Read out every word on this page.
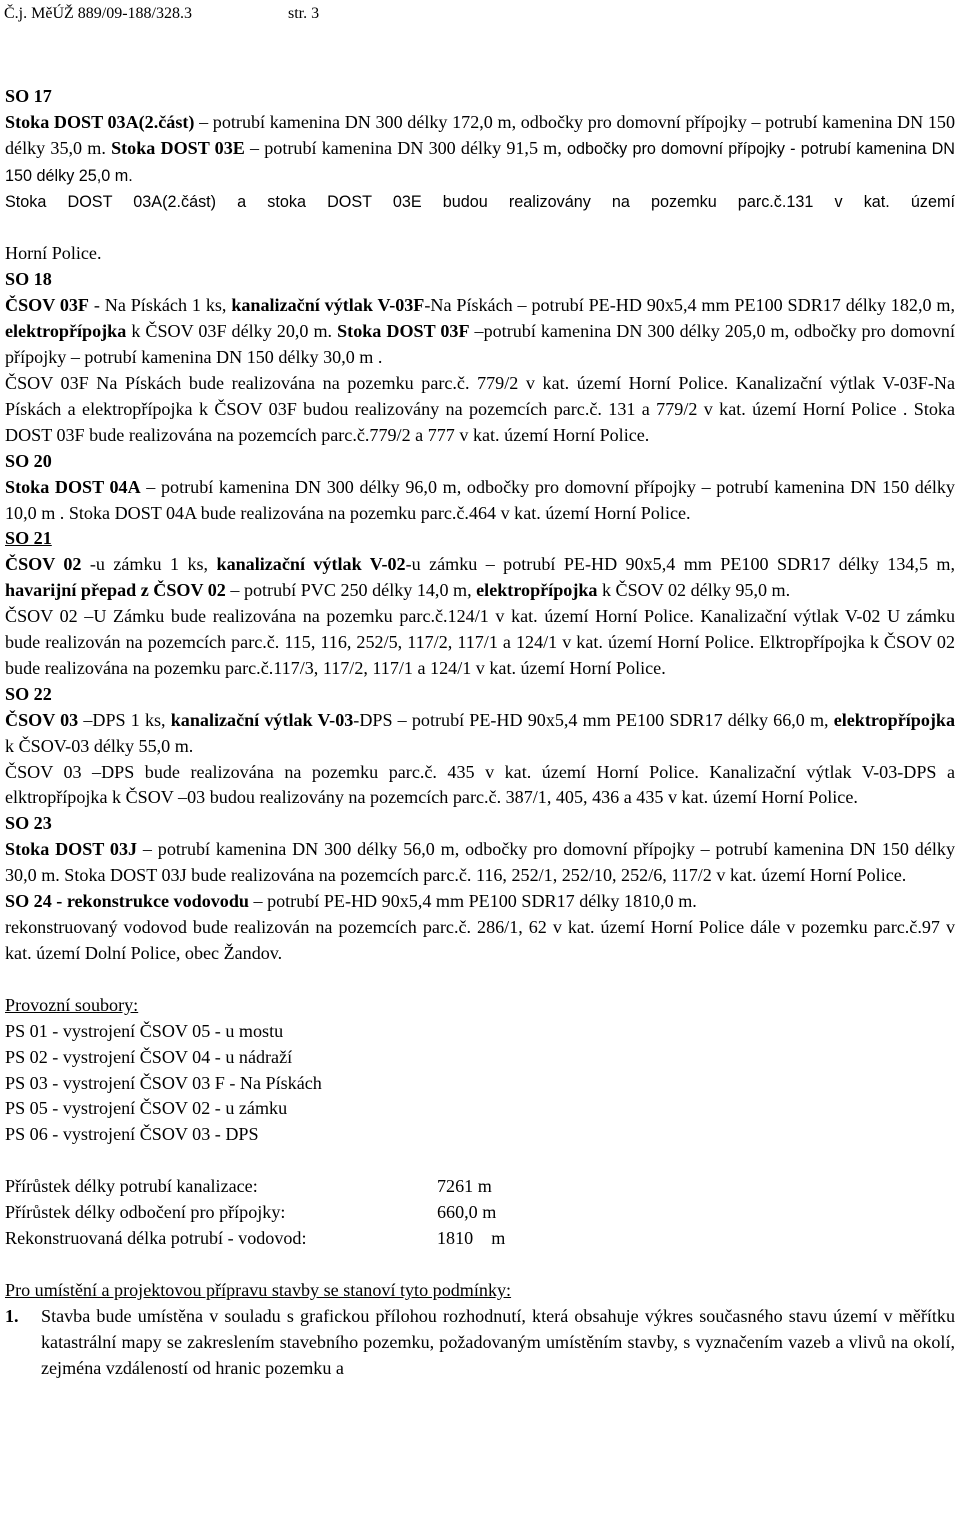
Č.j. MěÚŽ 889/09-188/328.3	str. 3
SO 17

Stoka DOST 03A(2.část) – potrubí kamenina DN 300 délky 172,0 m, odbočky pro domovní přípojky – potrubí kamenina DN 150 délky 35,0 m. Stoka DOST 03E – potrubí kamenina DN 300 délky 91,5 m, odbočky pro domovní přípojky - potrubí kamenina DN 150 délky 25,0 m.

Stoka DOST 03A(2.část) a stoka DOST 03E budou realizovány na pozemku parc.č.131 v kat. území

Horní Police.

SO 18

ČSOV 03F - Na Pískách 1 ks, kanalizační výtlak V-03F-Na Pískách – potrubí PE-HD 90x5,4 mm PE100 SDR17 délky 182,0 m, elektropřípojka k ČSOV 03F délky 20,0 m. Stoka DOST 03F –potrubí kamenina DN 300 délky 205,0 m, odbočky pro domovní přípojky – potrubí kamenina DN 150 délky 30,0 m .

ČSOV 03F Na Pískách bude realizována na pozemku parc.č. 779/2 v kat. území Horní Police. Kanalizační výtlak V-03F-Na Pískách a elektropřípojka k ČSOV 03F budou realizovány na pozemcích parc.č. 131 a 779/2 v kat. území Horní Police . Stoka DOST 03F bude realizována na pozemcích parc.č.779/2 a 777 v kat. území Horní Police.

SO 20

Stoka DOST 04A – potrubí kamenina DN 300 délky 96,0 m, odbočky pro domovní přípojky – potrubí kamenina DN 150 délky 10,0 m . Stoka DOST 04A bude realizována na pozemku parc.č.464 v kat. území Horní Police.

SO 21

ČSOV 02 -u zámku 1 ks, kanalizační výtlak V-02-u zámku – potrubí PE-HD 90x5,4 mm PE100 SDR17 délky 134,5 m, havarijní přepad z ČSOV 02 – potrubí PVC 250 délky 14,0 m, elektropřípojka k ČSOV 02 délky 95,0 m.

ČSOV 02 –U Zámku bude realizována na pozemku parc.č.124/1 v kat. území Horní Police. Kanalizační výtlak V-02 U zámku bude realizován na pozemcích parc.č. 115, 116, 252/5, 117/2, 117/1 a 124/1 v kat. území Horní Police. Elktropřípojka k ČSOV 02 bude realizována na pozemku parc.č.117/3, 117/2, 117/1 a 124/1 v kat. území Horní Police.

SO 22

ČSOV 03 –DPS 1 ks, kanalizační výtlak V-03-DPS – potrubí PE-HD 90x5,4 mm PE100 SDR17 délky 66,0 m, elektropřípojka k ČSOV-03 délky 55,0 m.

ČSOV 03 –DPS bude realizována na pozemku parc.č. 435 v kat. území Horní Police. Kanalizační výtlak V-03-DPS a elktropřípojka k ČSOV –03 budou realizovány na pozemcích parc.č. 387/1, 405, 436 a 435 v kat. území Horní Police.

SO 23

Stoka DOST 03J – potrubí kamenina DN 300 délky 56,0 m, odbočky pro domovní přípojky – potrubí kamenina DN 150 délky 30,0 m. Stoka DOST 03J bude realizována na pozemcích parc.č. 116, 252/1, 252/10, 252/6, 117/2 v kat. území Horní Police.

SO 24 - rekonstrukce vodovodu – potrubí PE-HD 90x5,4 mm PE100 SDR17 délky 1810,0 m.

rekonstruovaný vodovod bude realizován na pozemcích parc.č. 286/1, 62 v kat. území Horní Police dále v pozemku parc.č.97 v kat. území Dolní Police, obec Žandov.

Provozní soubory:
PS 01 - vystrojení ČSOV 05 - u mostu
PS 02 - vystrojení ČSOV 04 - u nádraží
PS 03 - vystrojení ČSOV 03 F - Na Pískách
PS 05 - vystrojení ČSOV 02 - u zámku
PS 06 - vystrojení ČSOV 03 - DPS
Přírůstek délky potrubí kanalizace:	7261 m
Přírůstek délky odbočení pro přípojky:	660,0 m
Rekonstruovaná délka potrubí - vodovod:	1810    m
Pro umístění a projektovou přípravu stavby se stanoví tyto podmínky:
1.	Stavba bude umístěna v souladu s grafickou přílohou rozhodnutí, která obsahuje výkres současného stavu území v měřítku katastrální mapy se zakreslením stavebního pozemku, požadovaným umístěním stavby, s vyznačením vazeb a vlivů na okolí, zejména vzdáleností od hranic pozemku a
